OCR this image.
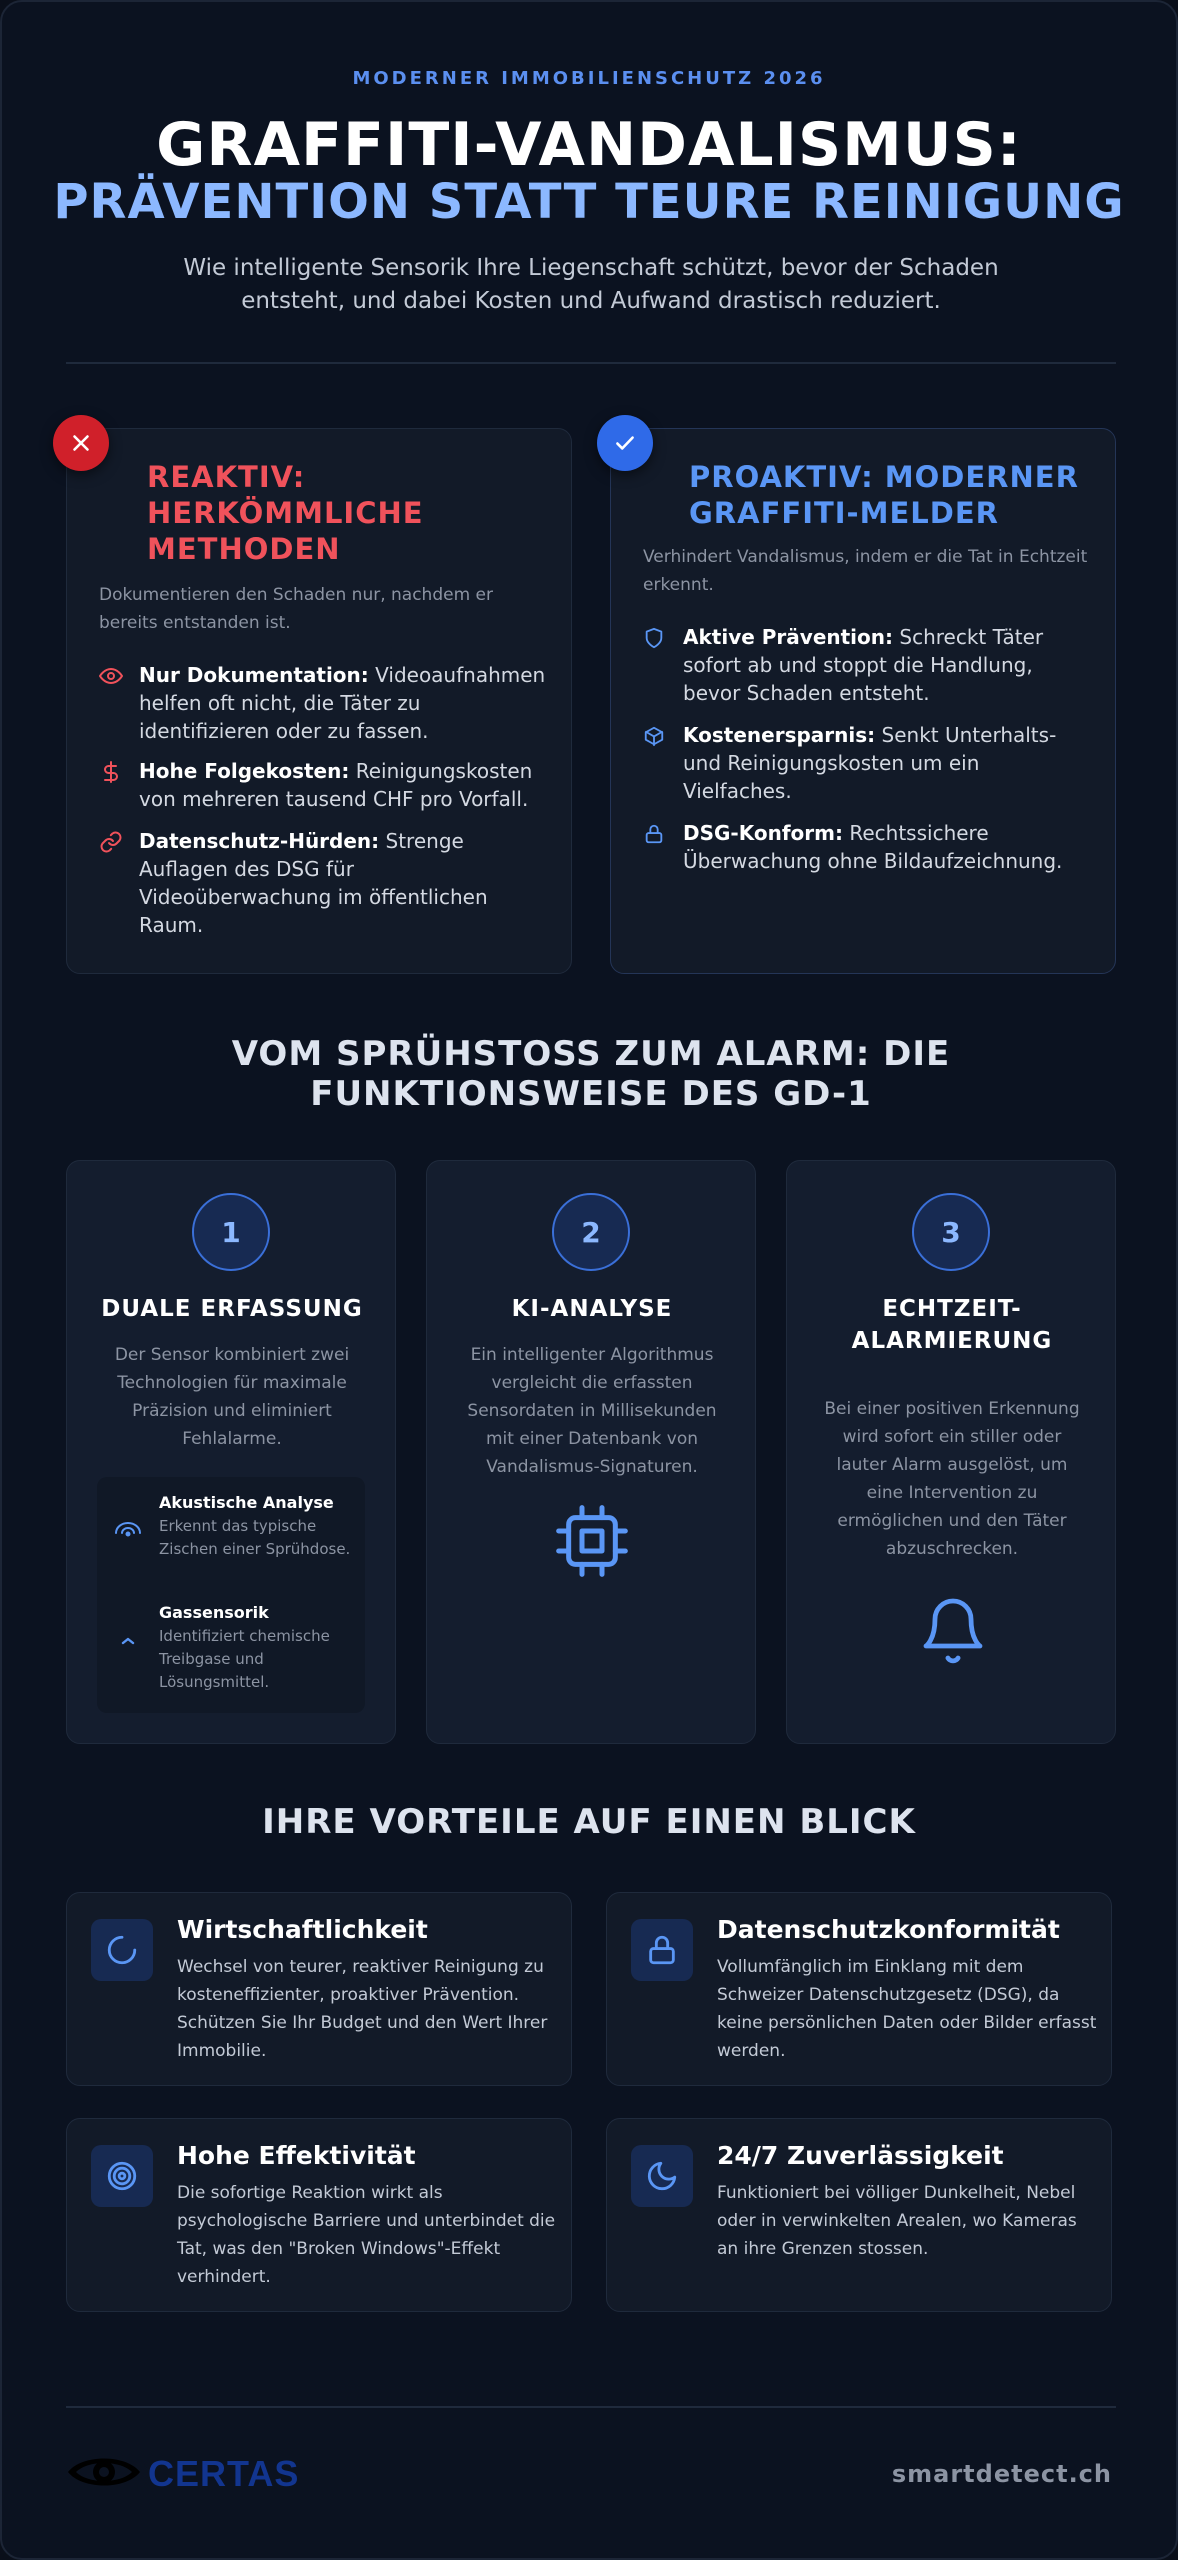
MODERNER IMMOBILIENSCHUTZ 2026
GRAFFITI-VANDALISMUS:
PRÄVENTION STATT TEURE REINIGUNG
Wie intelligente Sensorik Ihre Liegenschaft schützt, bevor der Schaden entsteht, und dabei Kosten und Aufwand drastisch reduziert.
REAKTIV: HERKÖMMLICHE METHODEN
Dokumentieren den Schaden nur, nachdem er bereits entstanden ist.
Nur Dokumentation: Videoaufnahmen helfen oft nicht, die Täter zu identifizieren oder zu fassen.
Hohe Folgekosten: Reinigungskosten von mehreren tausend CHF pro Vorfall.
Datenschutz-Hürden: Strenge Auflagen des DSG für Videoüberwachung im öffentlichen Raum.
PROAKTIV: MODERNER GRAFFITI-MELDER
Verhindert Vandalismus, indem er die Tat in Echtzeit erkennt.
Aktive Prävention: Schreckt Täter sofort ab und stoppt die Handlung, bevor Schaden entsteht.
Kostenersparnis: Senkt Unterhalts- und Reinigungskosten um ein Vielfaches.
DSG-Konform: Rechtssichere Überwachung ohne Bildaufzeichnung.
VOM SPRÜHSTOSS ZUM ALARM: DIE FUNKTIONSWEISE DES GD-1
1
DUALE ERFASSUNG
Der Sensor kombiniert zwei Technologien für maximale Präzision und eliminiert Fehlalarme.
Akustische Analyse
Erkennt das typische Zischen einer Sprühdose.
Gassensorik
Identifiziert chemische Treibgase und Lösungsmittel.
2
KI-ANALYSE
Ein intelligenter Algorithmus vergleicht die erfassten Sensordaten in Millisekunden mit einer Datenbank von Vandalismus-Signaturen.
3
ECHTZEIT-ALARMIERUNG
Bei einer positiven Erkennung wird sofort ein stiller oder lauter Alarm ausgelöst, um eine Intervention zu ermöglichen und den Täter abzuschrecken.
IHRE VORTEILE AUF EINEN BLICK
Wirtschaftlichkeit
Wechsel von teurer, reaktiver Reinigung zu kosteneffizienter, proaktiver Prävention. Schützen Sie Ihr Budget und den Wert Ihrer Immobilie.
Datenschutzkonformität
Vollumfänglich im Einklang mit dem Schweizer Datenschutzgesetz (DSG), da keine persönlichen Daten oder Bilder erfasst werden.
Hohe Effektivität
Die sofortige Reaktion wirkt als psychologische Barriere und unterbindet die Tat, was den "Broken Windows"-Effekt verhindert.
24/7 Zuverlässigkeit
Funktioniert bei völliger Dunkelheit, Nebel oder in verwinkelten Arealen, wo Kameras an ihre Grenzen stossen.
CERTAS	smartdetect.ch
